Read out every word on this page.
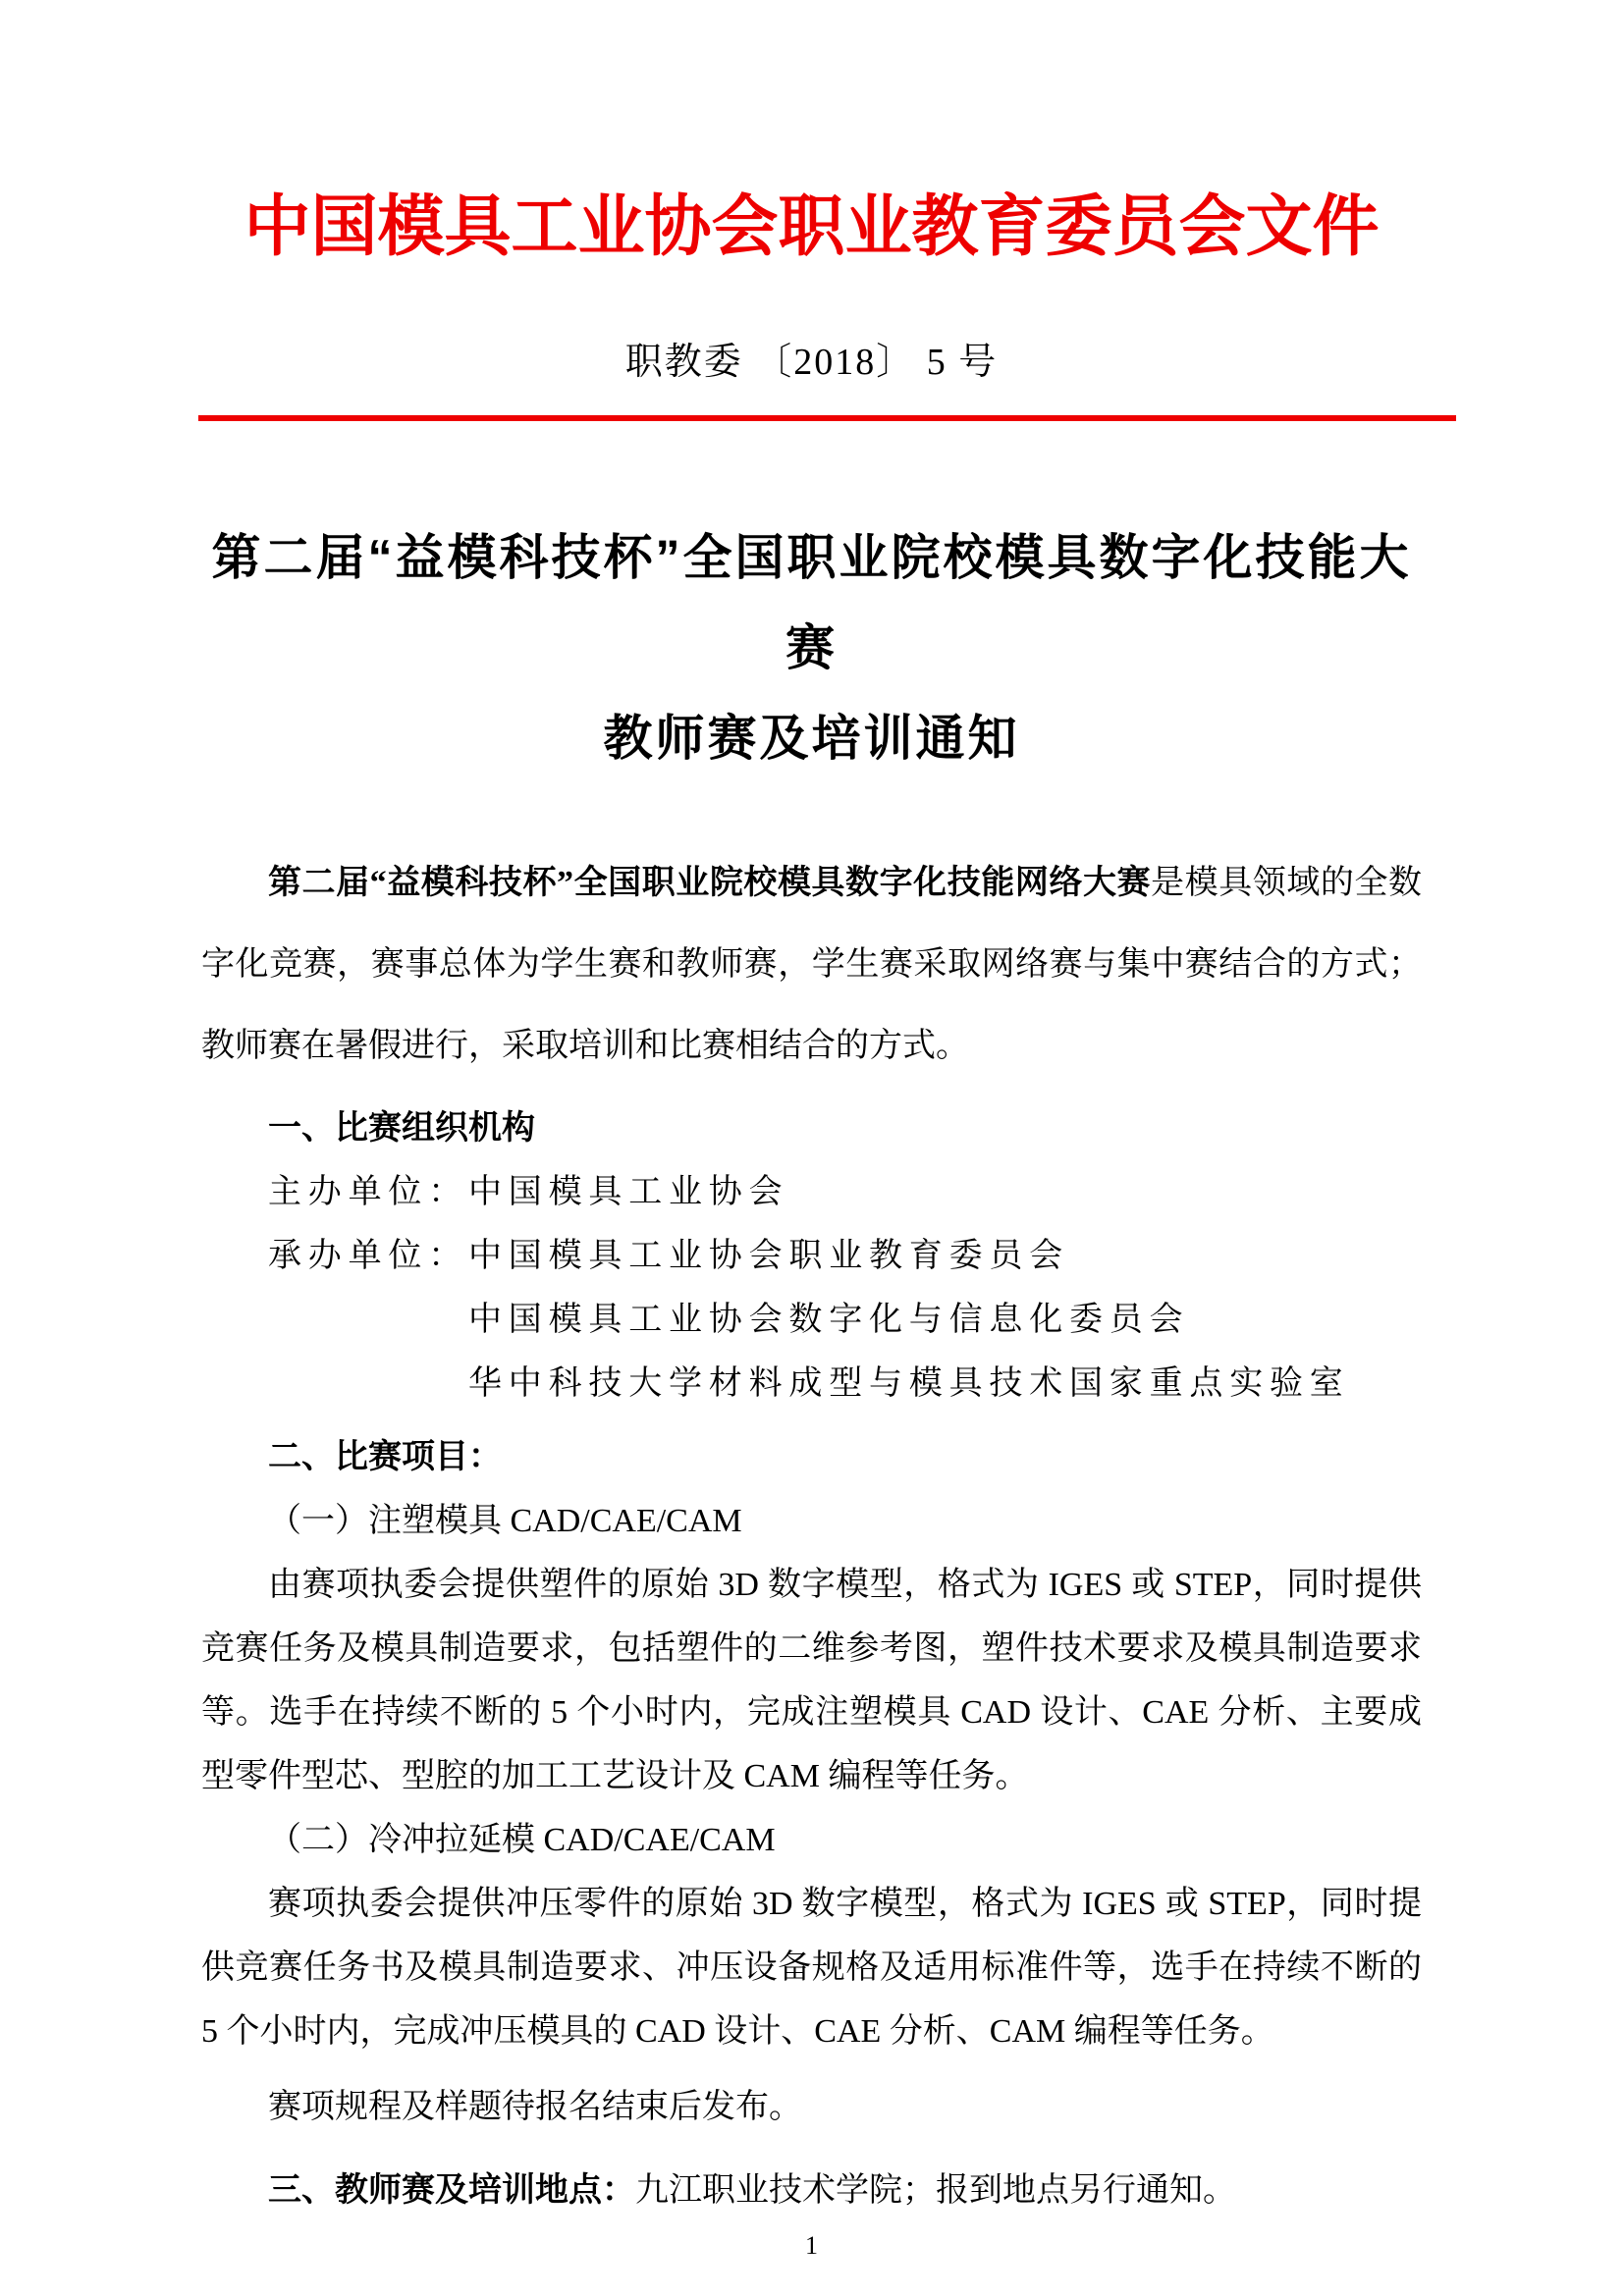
中国模具工业协会职业教育委员会文件
职教委 〔2018〕 5 号
第二届“益模科技杯”全国职业院校模具数字化技能大赛
教师赛及培训通知

第二届“益模科技杯”全国职业院校模具数字化技能网络大赛是模具领域的全数字化竞赛，赛事总体为学生赛和教师赛，学生赛采取网络赛与集中赛结合的方式；教师赛在暑假进行，采取培训和比赛相结合的方式。

一、比赛组织机构
主办单位： 中国模具工业协会
承办单位： 中国模具工业协会职业教育委员会
中国模具工业协会数字化与信息化委员会
华中科技大学材料成型与模具技术国家重点实验室
二、比赛项目：
（一）注塑模具 CAD/CAE/CAM

由赛项执委会提供塑件的原始 3D 数字模型，格式为 IGES 或 STEP，同时提供竞赛任务及模具制造要求，包括塑件的二维参考图，塑件技术要求及模具制造要求等。选手在持续不断的 5 个小时内，完成注塑模具 CAD 设计、CAE 分析、主要成型零件型芯、型腔的加工工艺设计及 CAM 编程等任务。

（二）冷冲拉延模 CAD/CAE/CAM

赛项执委会提供冲压零件的原始 3D 数字模型，格式为 IGES 或 STEP，同时提供竞赛任务书及模具制造要求、冲压设备规格及适用标准件等，选手在持续不断的 5 个小时内，完成冲压模具的 CAD 设计、CAE 分析、CAM 编程等任务。

赛项规程及样题待报名结束后发布。
三、教师赛及培训地点：九江职业技术学院；报到地点另行通知。
1
